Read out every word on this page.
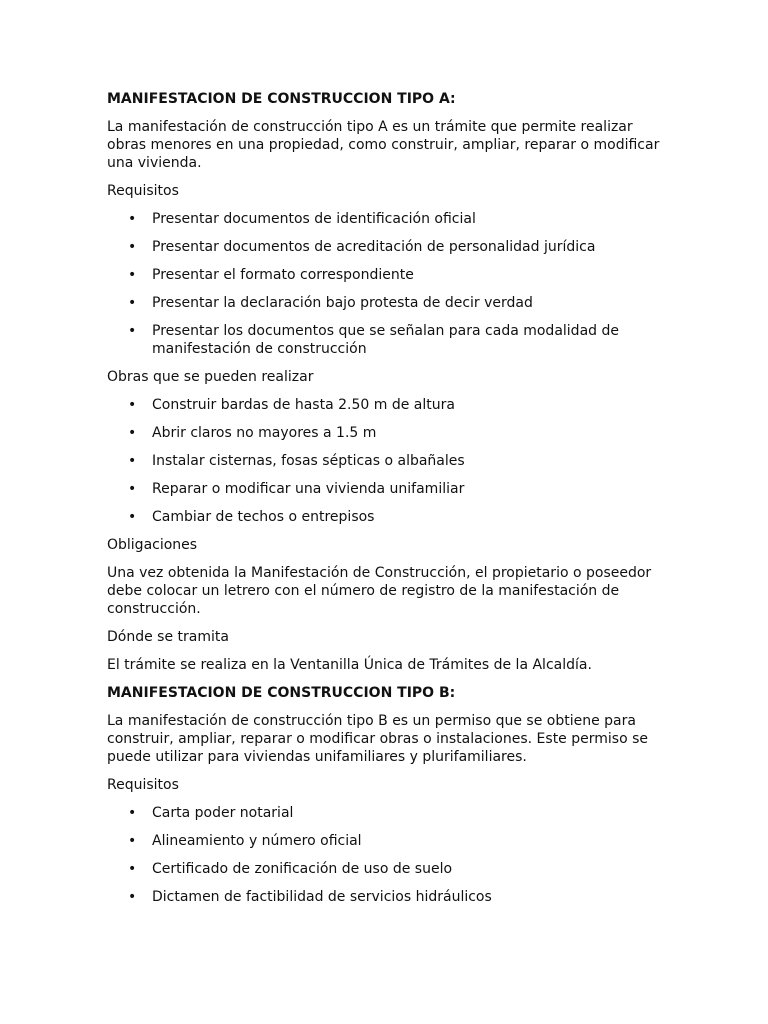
MANIFESTACION DE CONSTRUCCION TIPO A:

La manifestación de construcción tipo A es un trámite que permite realizar obras menores en una propiedad, como construir, ampliar, reparar o modificar una vivienda.

Requisitos

• Presentar documentos de identificación oficial
• Presentar documentos de acreditación de personalidad jurídica
• Presentar el formato correspondiente
• Presentar la declaración bajo protesta de decir verdad
• Presentar los documentos que se señalan para cada modalidad de manifestación de construcción

Obras que se pueden realizar

• Construir bardas de hasta 2.50 m de altura
• Abrir claros no mayores a 1.5 m
• Instalar cisternas, fosas sépticas o albañales
• Reparar o modificar una vivienda unifamiliar
• Cambiar de techos o entrepisos

Obligaciones

Una vez obtenida la Manifestación de Construcción, el propietario o poseedor debe colocar un letrero con el número de registro de la manifestación de construcción.

Dónde se tramita

El trámite se realiza en la Ventanilla Única de Trámites de la Alcaldía.

MANIFESTACION DE CONSTRUCCION TIPO B:

La manifestación de construcción tipo B es un permiso que se obtiene para construir, ampliar, reparar o modificar obras o instalaciones. Este permiso se puede utilizar para viviendas unifamiliares y plurifamiliares.

Requisitos

• Carta poder notarial
• Alineamiento y número oficial
• Certificado de zonificación de uso de suelo
• Dictamen de factibilidad de servicios hidráulicos
